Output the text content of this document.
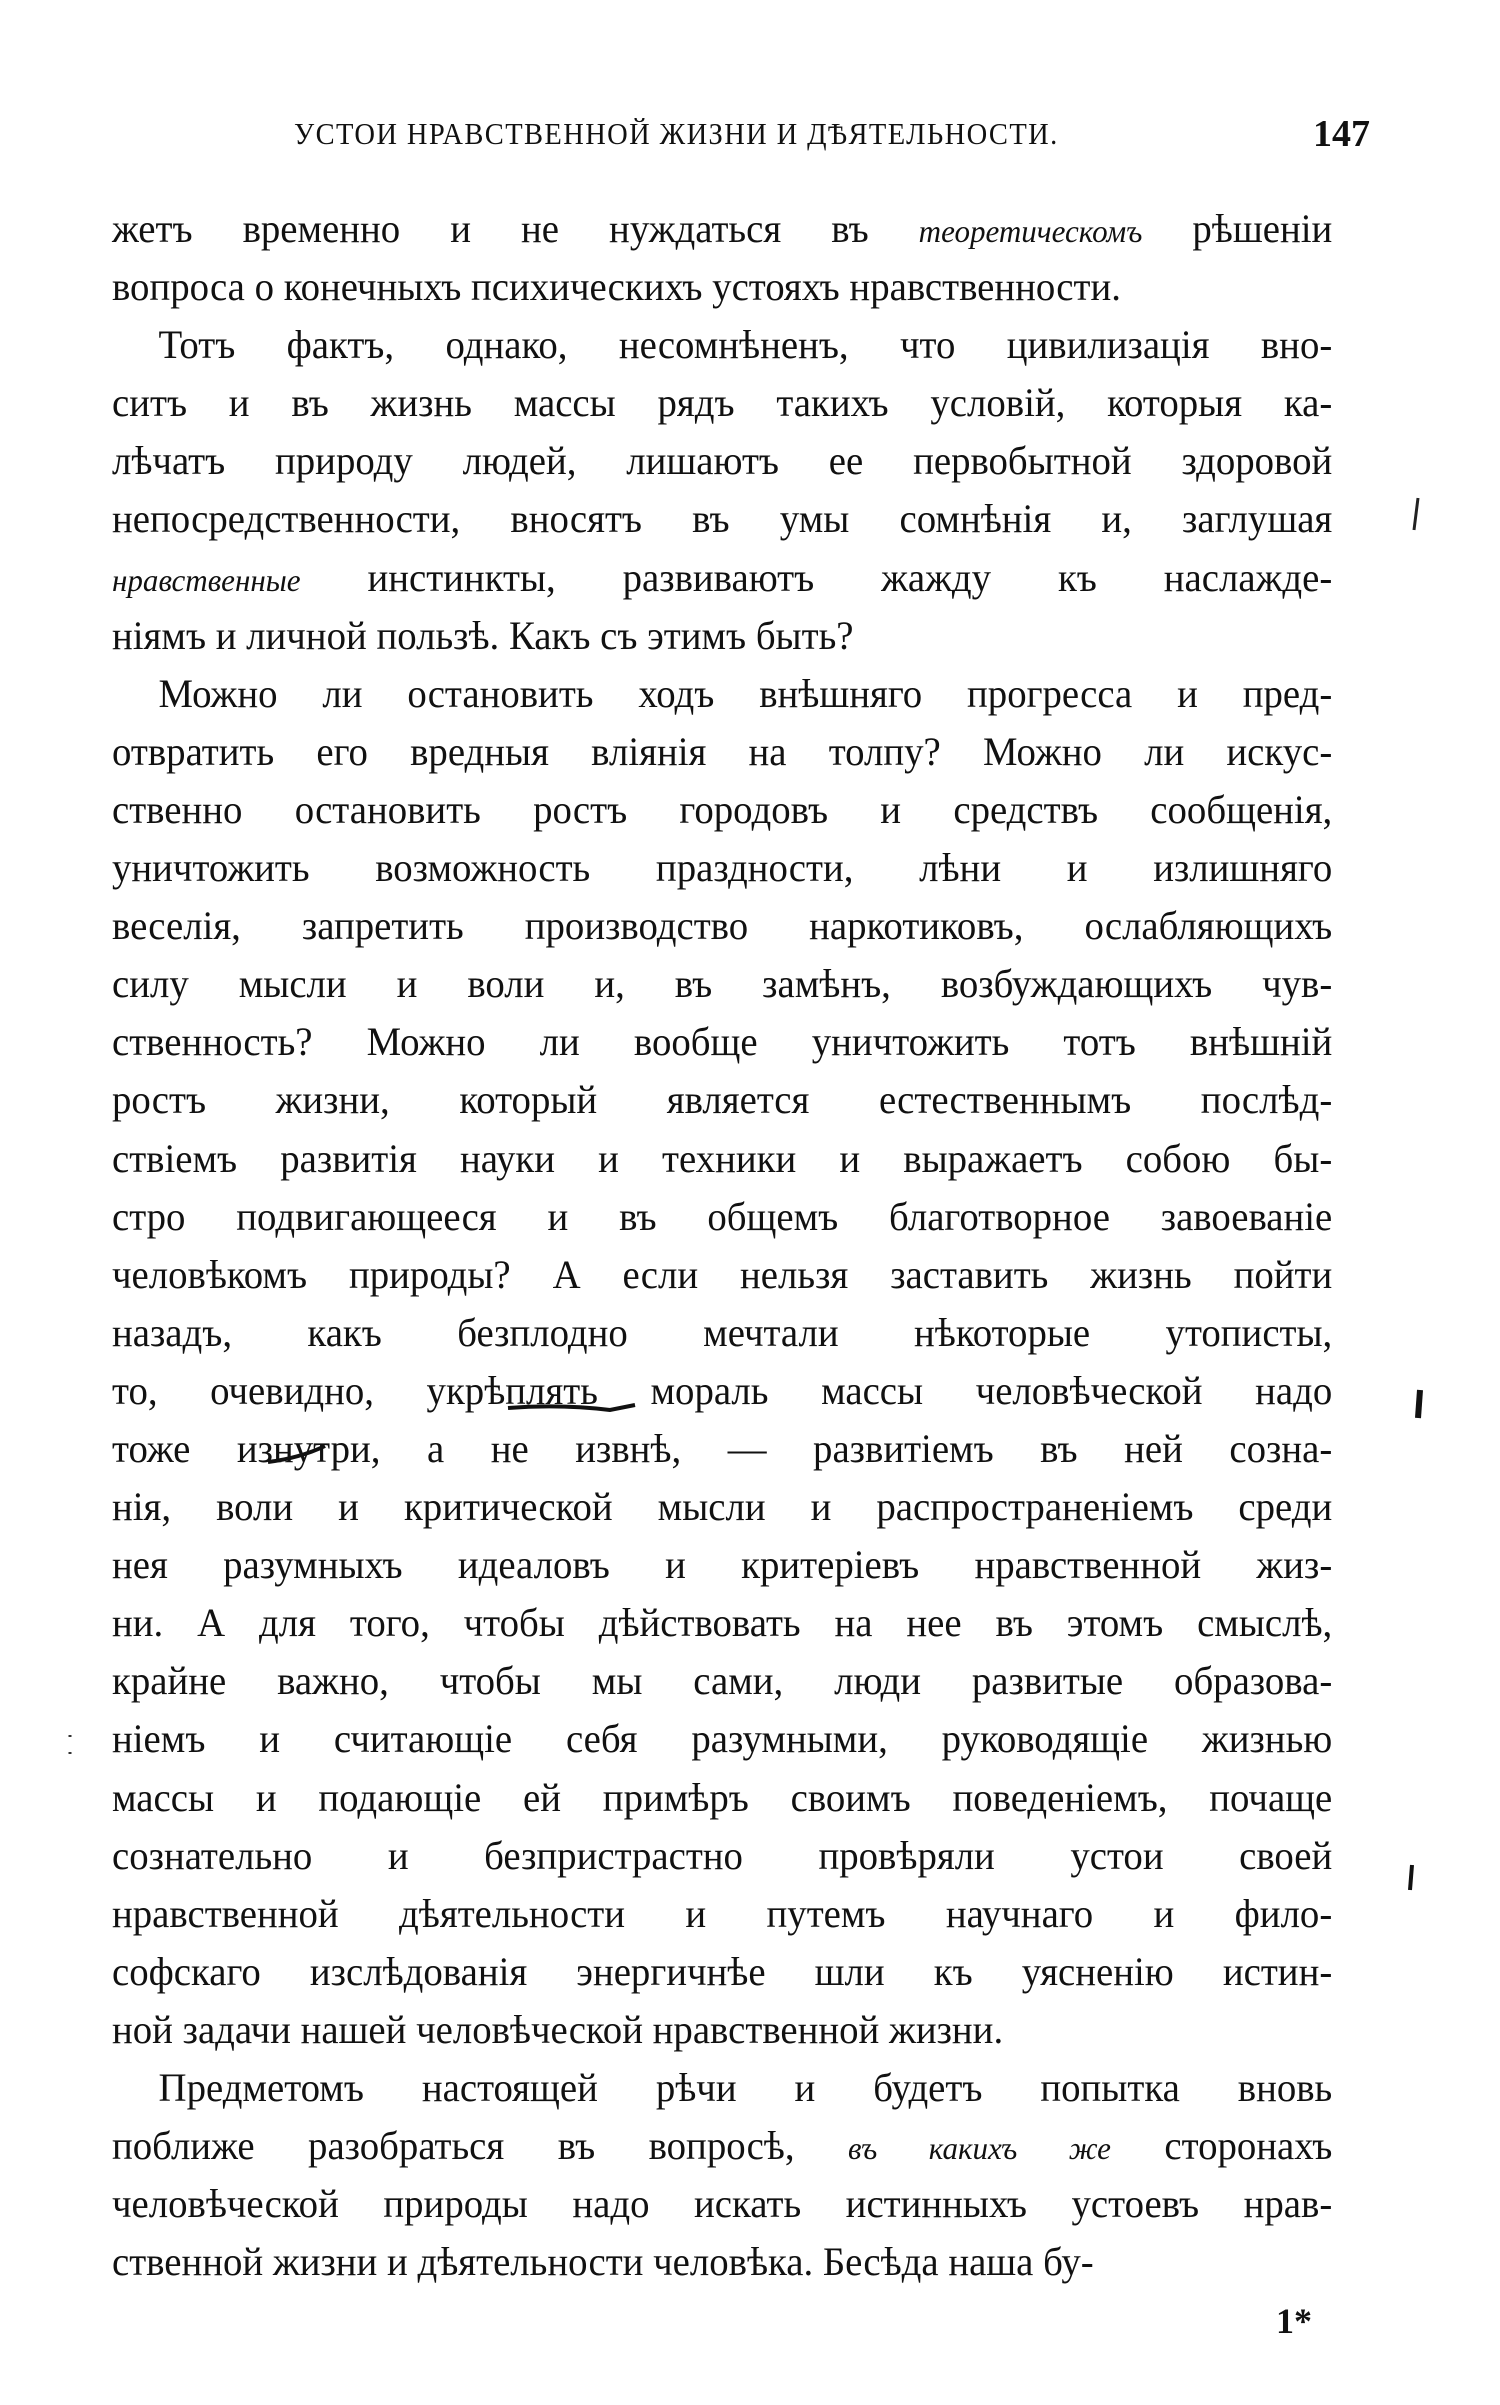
УСТОИ НРАВСТВЕННОЙ ЖИЗНИ И ДѢЯТЕЛЬНОСТИ.	147
жетъ временно и не нуждаться въ теоретическомъ рѣшеніи
вопроса о конечныхъ психическихъ устояхъ нравственности.
Тотъ фактъ, однако, несомнѣненъ, что цивилизація вно-
ситъ и въ жизнь массы рядъ такихъ условій, которыя ка-
лѣчатъ природу людей, лишаютъ ее первобытной здоровой
непосредственности, вносятъ въ умы сомнѣнія и, заглушая
нравственные инстинкты, развиваютъ жажду къ наслажде-
ніямъ и личной пользѣ. Какъ съ этимъ быть?
Можно ли остановить ходъ внѣшняго прогресса и пред-
отвратить его вредныя вліянія на толпу? Можно ли искус-
ственно остановить ростъ городовъ и средствъ сообщенія,
уничтожить возможность праздности, лѣни и излишняго
веселія, запретить производство наркотиковъ, ослабляющихъ
силу мысли и воли и, въ замѣнъ, возбуждающихъ чув-
ственность? Можно ли вообще уничтожить тотъ внѣшній
ростъ жизни, который является естественнымъ послѣд-
ствіемъ развитія науки и техники и выражаетъ собою бы-
стро подвигающееся и въ общемъ благотворное завоеваніе
человѣкомъ природы? А если нельзя заставить жизнь пойти
назадъ, какъ безплодно мечтали нѣкоторые утописты,
то, очевидно, укрѣплять мораль массы человѣческой надо
тоже изнутри, а не извнѣ, — развитіемъ въ ней созна-
нія, воли и критической мысли и распространеніемъ среди
нея разумныхъ идеаловъ и критеріевъ нравственной жиз-
ни. А для того, чтобы дѣйствовать на нее въ этомъ смыслѣ,
крайне важно, чтобы мы сами, люди развитые образова-
ніемъ и считающіе себя разумными, руководящіе жизнью
массы и подающіе ей примѣръ своимъ поведеніемъ, почаще
сознательно и безпристрастно провѣряли устои своей
нравственной дѣятельности и путемъ научнаго и фило-
софскаго изслѣдованія энергичнѣе шли къ уясненію истин-
ной задачи нашей человѣческой нравственной жизни.
Предметомъ настоящей рѣчи и будетъ попытка вновь
поближе разобраться въ вопросѣ, въ какихъ же сторонахъ
человѣческой природы надо искать истинныхъ устоевъ нрав-
ственной жизни и дѣятельности человѣка. Бесѣда наша бу-
1*
